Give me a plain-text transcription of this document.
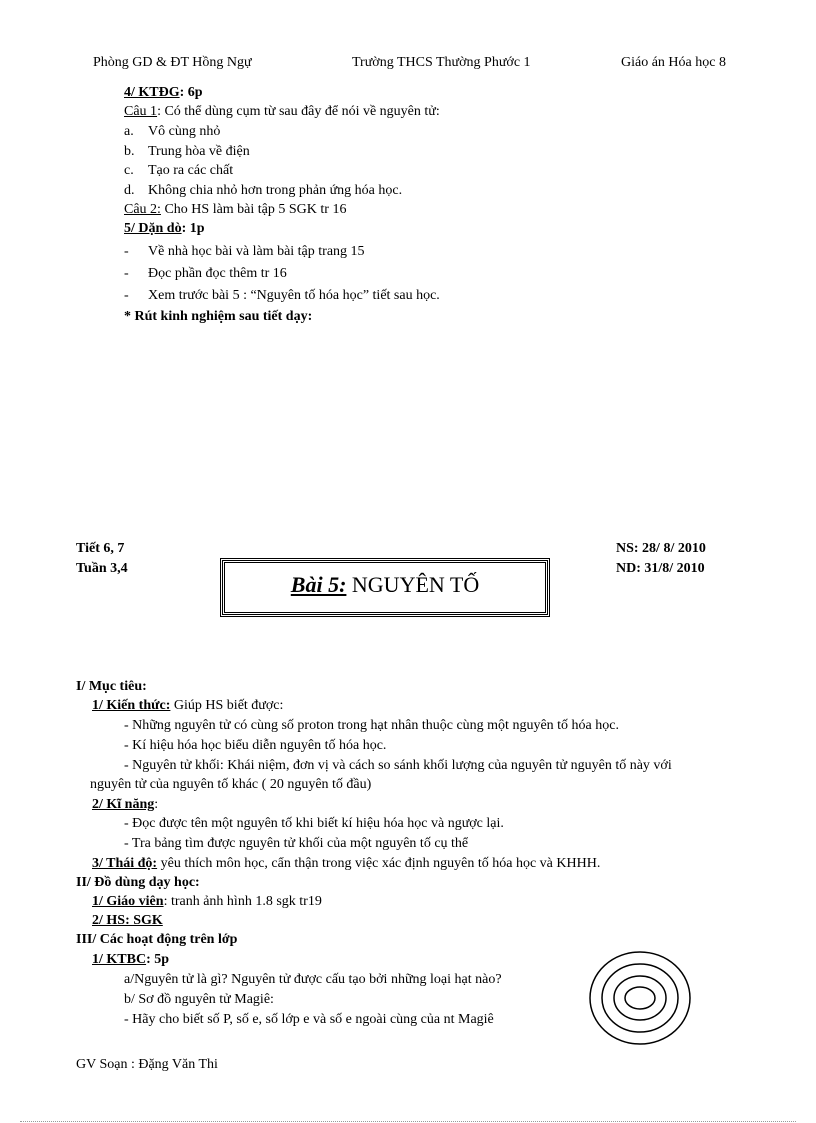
Phòng GD & ĐT Hồng Ngự	Trường THCS Thường Phước 1	Giáo án Hóa học 8
4/ KTĐG: 6p
Câu 1: Có thể dùng cụm từ sau đây để nói về nguyên tử:
a. Vô cùng nhỏ
b. Trung hòa về điện
c. Tạo ra các chất
d. Không chia nhỏ hơn trong phản ứng hóa học.
Câu 2: Cho HS làm bài tập 5 SGK tr 16
5/ Dặn dò: 1p
- Về nhà học bài và làm bài tập trang 15
- Đọc phần đọc thêm tr 16
- Xem trước bài 5 : “Nguyên tố hóa học” tiết sau học.
* Rút kinh nghiệm sau tiết dạy:
Tiết 6, 7
Tuần 3,4
NS: 28/ 8/ 2010
ND: 31/8/ 2010
Bài 5: NGUYÊN TỐ
I/ Mục tiêu:
1/ Kiến thức: Giúp HS biết được:
- Những nguyên tử có cùng số proton trong hạt nhân thuộc cùng một nguyên tố hóa học.
- Kí hiệu hóa học biểu diễn nguyên tố hóa học.
- Nguyên tử khối: Khái niệm, đơn vị và cách so sánh khối lượng của nguyên tử nguyên tố này với
nguyên tử của nguyên tố khác ( 20 nguyên tố đầu)
2/ Kĩ năng:
- Đọc được tên một nguyên tố khi biết kí hiệu hóa học và ngược lại.
- Tra bảng tìm được nguyên tử khối của một nguyên tố cụ thể
3/ Thái độ: yêu thích môn học, cẩn thận trong việc xác định nguyên tố hóa học và KHHH.
II/ Đồ dùng dạy học:
1/ Giáo viên: tranh ảnh hình 1.8 sgk tr19
2/ HS: SGK
III/ Các hoạt động trên lớp
1/ KTBC: 5p
a/Nguyên tử là gì? Nguyên tử được cấu tạo bởi những loại hạt nào?
b/ Sơ đồ nguyên tử Magiê:
- Hãy cho biết số P, số e, số lớp e và số e ngoài cùng của nt Magiê
GV Soạn : Đặng Văn Thi
